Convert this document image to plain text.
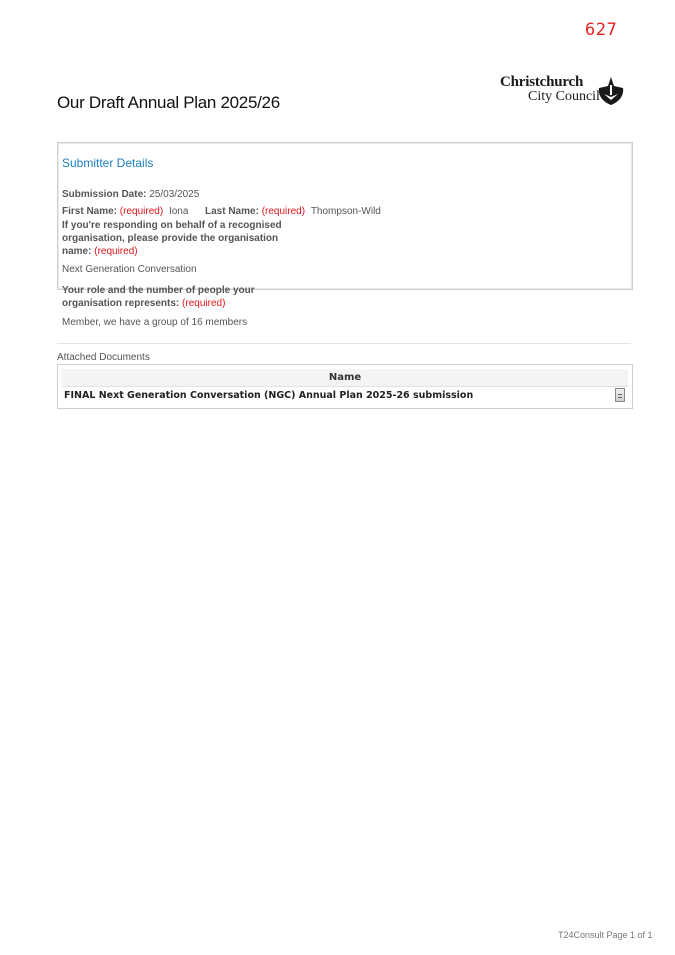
627
Our Draft Annual Plan 2025/26
Christchurch
City Council
Submitter Details
Submission Date: 25/03/2025
First Name: (required) Iona Last Name: (required) Thompson-Wild
If you're responding on behalf of a recognised
organisation, please provide the organisation
name: (required)
Next Generation Conversation
Your role and the number of people your
organisation represents: (required)
Member, we have a group of 16 members
Attached Documents
Name
FINAL Next Generation Conversation (NGC) Annual Plan 2025-26 submission
T24Consult Page 1 of 1
